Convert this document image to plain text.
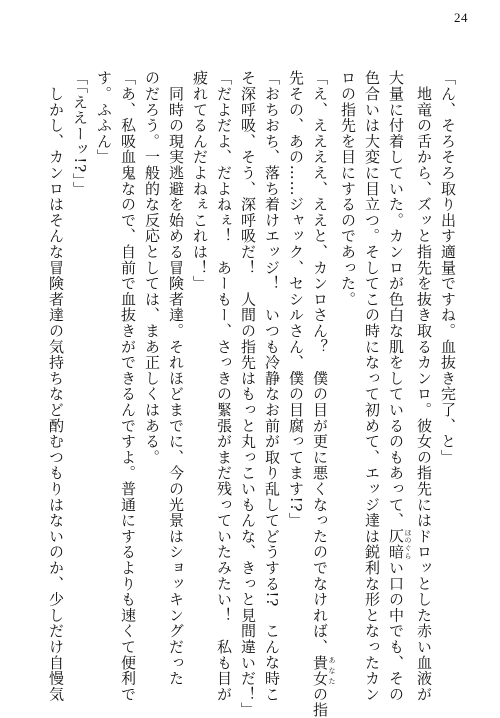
24
「ん、そろそろ取り出す適量ですね。血抜き完了、と」
　地竜の舌から、ズッと指先を抜き取るカンロ。彼女の指先にはドロッとした赤い血液が
大量に付着していた。カンロが色白な肌をしているのもあって、仄暗 ほのぐらい口の中でも、その
色合いは大変に目立つ。そしてこの時になって初めて、エッジ達は鋭利な形となったカン
ロの指先を目にするのであった。
「え、ええええ、ええと、カンロさん？　僕の目が更に悪くなったのでなければ、貴女 あなたの指
先その、あの……ジャック、セシルさん、僕の目腐ってます!?」
「おちおち、落ち着けエッジ！　いつも冷静なお前が取り乱してどうする!?　こんな時こ
そ深呼吸、そう、深呼吸だ！　人間の指先はもっと丸っこいもんな、きっと見間違いだ！」
「だよだよ、だよねぇ！　あーもー、さっきの緊張がまだ残っていたみたい！　私も目が
疲れてるんだよねぇこれは！」
　同時の現実逃避を始める冒険者達。それほどまでに、今の光景はショッキングだった
のだろう。一般的な反応としては、まあ正しくはある。
「あ、私吸血鬼なので、自前で血抜きができるんですよ。普通にするよりも速くて便利で
す。ふふん」
「「ええーッ!?」」
　しかし、カンロはそんな冒険者達の気持ちなど酌むつもりはないのか、少しだけ自慢気
